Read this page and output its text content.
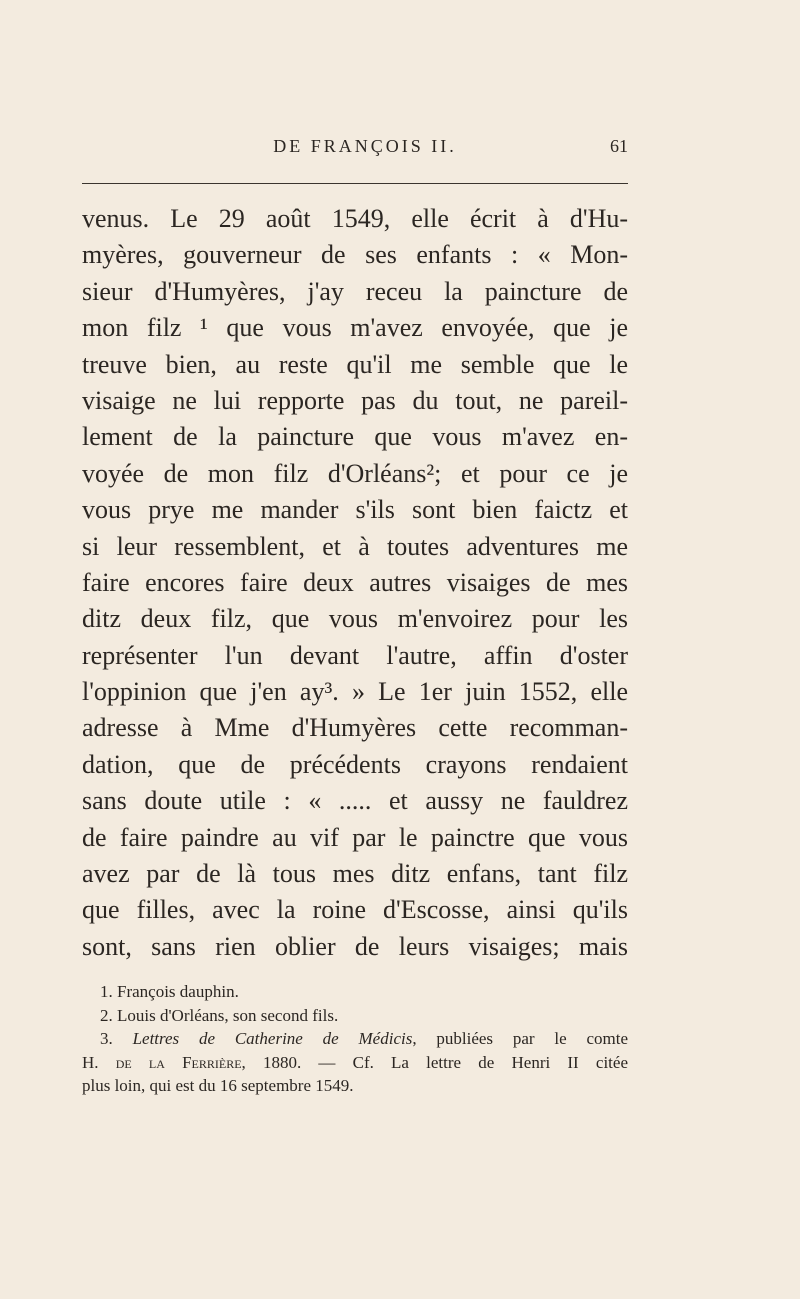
DE FRANÇOIS II.	61
venus. Le 29 août 1549, elle écrit à d'Hu-
myères, gouverneur de ses enfants : « Mon-
sieur d'Humyères, j'ay receu la paincture de
mon filz ¹ que vous m'avez envoyée, que je
treuve bien, au reste qu'il me semble que le
visaige ne lui repporte pas du tout, ne pareil-
lement de la paincture que vous m'avez en-
voyée de mon filz d'Orléans²; et pour ce je
vous prye me mander s'ils sont bien faictz et
si leur ressemblent, et à toutes adventures me
faire encores faire deux autres visaiges de mes
ditz deux filz, que vous m'envoirez pour les
représenter l'un devant l'autre, affin d'oster
l'oppinion que j'en ay³. » Le 1er juin 1552, elle
adresse à Mme d'Humyères cette recomman-
dation, que de précédents crayons rendaient
sans doute utile : « ..... et aussy ne fauldrez
de faire paindre au vif par le painctre que vous
avez par de là tous mes ditz enfans, tant filz
que filles, avec la roine d'Escosse, ainsi qu'ils
sont, sans rien oblier de leurs visaiges; mais
1. François dauphin.
2. Louis d'Orléans, son second fils.
3. Lettres de Catherine de Médicis, publiées par le comte
H. de la Ferrière, 1880. — Cf. La lettre de Henri II citée
plus loin, qui est du 16 septembre 1549.
